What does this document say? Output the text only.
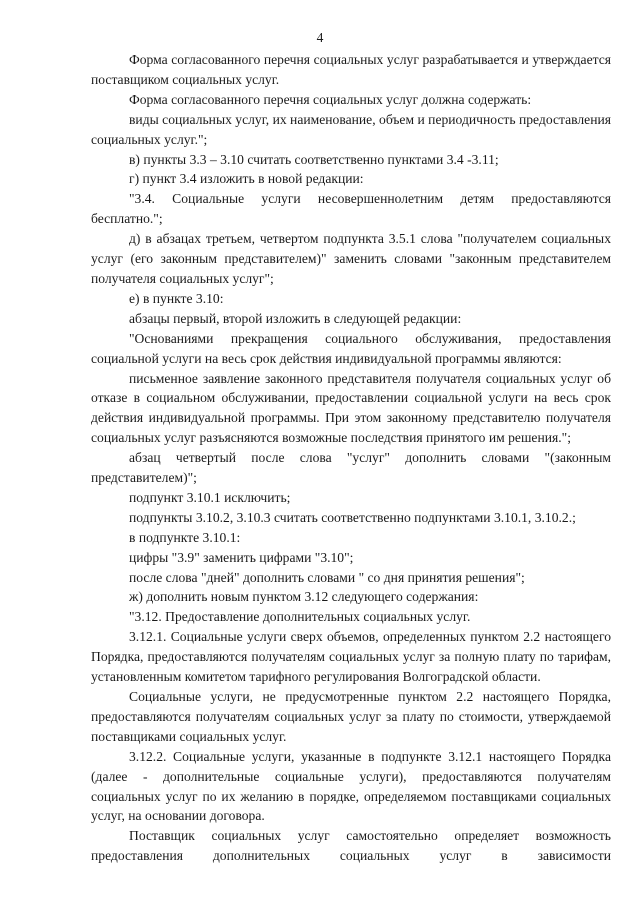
4

Форма согласованного перечня социальных услуг разрабатывается и утверждается поставщиком социальных услуг.

Форма согласованного перечня социальных услуг должна содержать:

виды социальных услуг, их наименование, объем и периодичность предоставления социальных услуг.";

в) пункты 3.3 – 3.10 считать соответственно пунктами 3.4 -3.11;

г) пункт 3.4 изложить в новой редакции:

"3.4. Социальные услуги несовершеннолетним детям предоставляются бесплатно.";

д) в абзацах третьем, четвертом подпункта 3.5.1 слова "получателем социальных услуг (его законным представителем)" заменить словами "законным представителем получателя социальных услуг";

е) в пункте 3.10:

абзацы первый, второй изложить в следующей редакции:

"Основаниями прекращения социального обслуживания, предоставления социальной услуги на весь срок действия индивидуальной программы являются:

письменное заявление законного представителя получателя социальных услуг об отказе в социальном обслуживании, предоставлении социальной услуги на весь срок действия индивидуальной программы. При этом законному представителю получателя социальных услуг разъясняются возможные последствия принятого им решения.";

абзац четвертый после слова "услуг" дополнить словами "(законным представителем)";

подпункт 3.10.1 исключить;

подпункты 3.10.2, 3.10.3 считать соответственно подпунктами 3.10.1, 3.10.2.;

в подпункте 3.10.1:

цифры "3.9" заменить цифрами "3.10";

после слова "дней" дополнить словами " со дня принятия решения";

ж) дополнить новым пунктом 3.12 следующего содержания:

"3.12. Предоставление дополнительных социальных услуг.

3.12.1. Социальные услуги сверх объемов, определенных пунктом 2.2 настоящего Порядка, предоставляются получателям социальных услуг за полную плату по тарифам, установленным комитетом тарифного регулирования Волгоградской области.

Социальные услуги, не предусмотренные пунктом 2.2 настоящего Порядка, предоставляются получателям социальных услуг за плату по стоимости, утверждаемой поставщиками социальных услуг.

3.12.2. Социальные услуги, указанные в подпункте 3.12.1 настоящего Порядка (далее - дополнительные социальные услуги), предоставляются получателям социальных услуг по их желанию в порядке, определяемом поставщиками социальных услуг, на основании договора.

Поставщик социальных услуг самостоятельно определяет возможность предоставления дополнительных социальных услуг в зависимости
